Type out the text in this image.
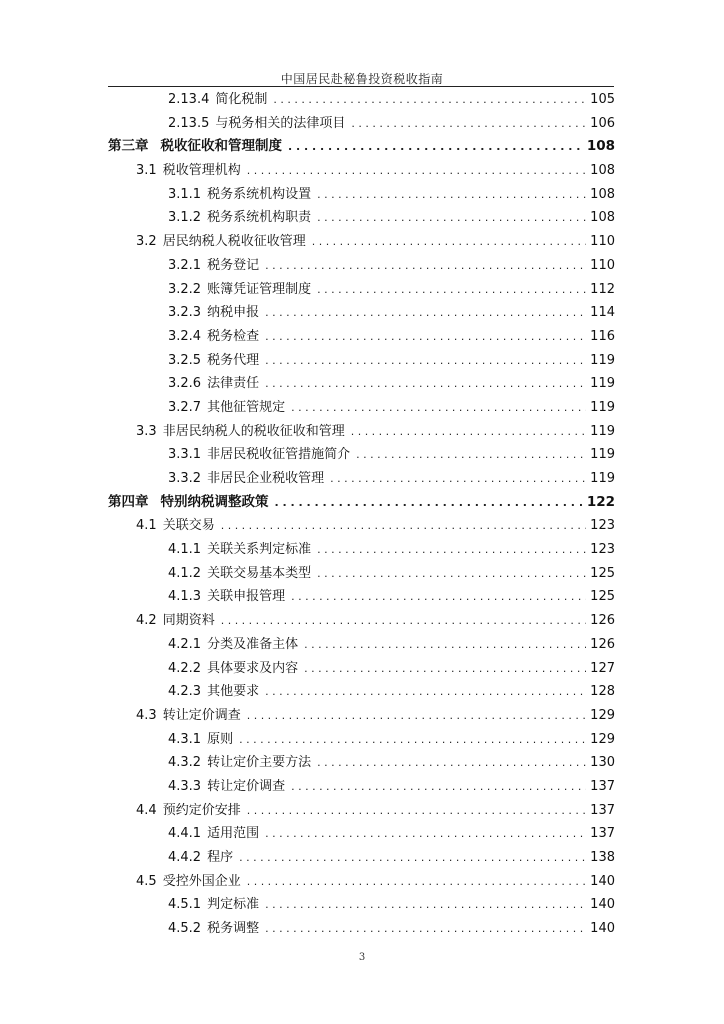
中国居民赴秘鲁投资税收指南
2.13.4 简化税制 . . .	105
2.13.5 与税务相关的法律项目 . . .	106
第三章 税收征收和管理制度 . . .	108
3.1 税收管理机构 . . .	108
3.1.1 税务系统机构设置 . . .	108
3.1.2 税务系统机构职责 . . .	108
3.2 居民纳税人税收征收管理 . . .	110
3.2.1 税务登记 . . .	110
3.2.2 账簿凭证管理制度 . . .	112
3.2.3 纳税申报 . . .	114
3.2.4 税务检查 . . .	116
3.2.5 税务代理 . . .	119
3.2.6 法律责任 . . .	119
3.2.7 其他征管规定 . . .	119
3.3 非居民纳税人的税收征收和管理 . . .	119
3.3.1 非居民税收征管措施简介 . . .	119
3.3.2 非居民企业税收管理 . . .	119
第四章 特别纳税调整政策 . . .	122
4.1 关联交易 . . .	123
4.1.1 关联关系判定标准 . . .	123
4.1.2 关联交易基本类型 . . .	125
4.1.3 关联申报管理 . . .	125
4.2 同期资料 . . .	126
4.2.1 分类及准备主体 . . .	126
4.2.2 具体要求及内容 . . .	127
4.2.3 其他要求 . . .	128
4.3 转让定价调查 . . .	129
4.3.1 原则 . . .	129
4.3.2 转让定价主要方法 . . .	130
4.3.3 转让定价调查 . . .	137
4.4 预约定价安排 . . .	137
4.4.1 适用范围 . . .	137
4.4.2 程序 . . .	138
4.5 受控外国企业 . . .	140
4.5.1 判定标准 . . .	140
4.5.2 税务调整 . . .	140
3
